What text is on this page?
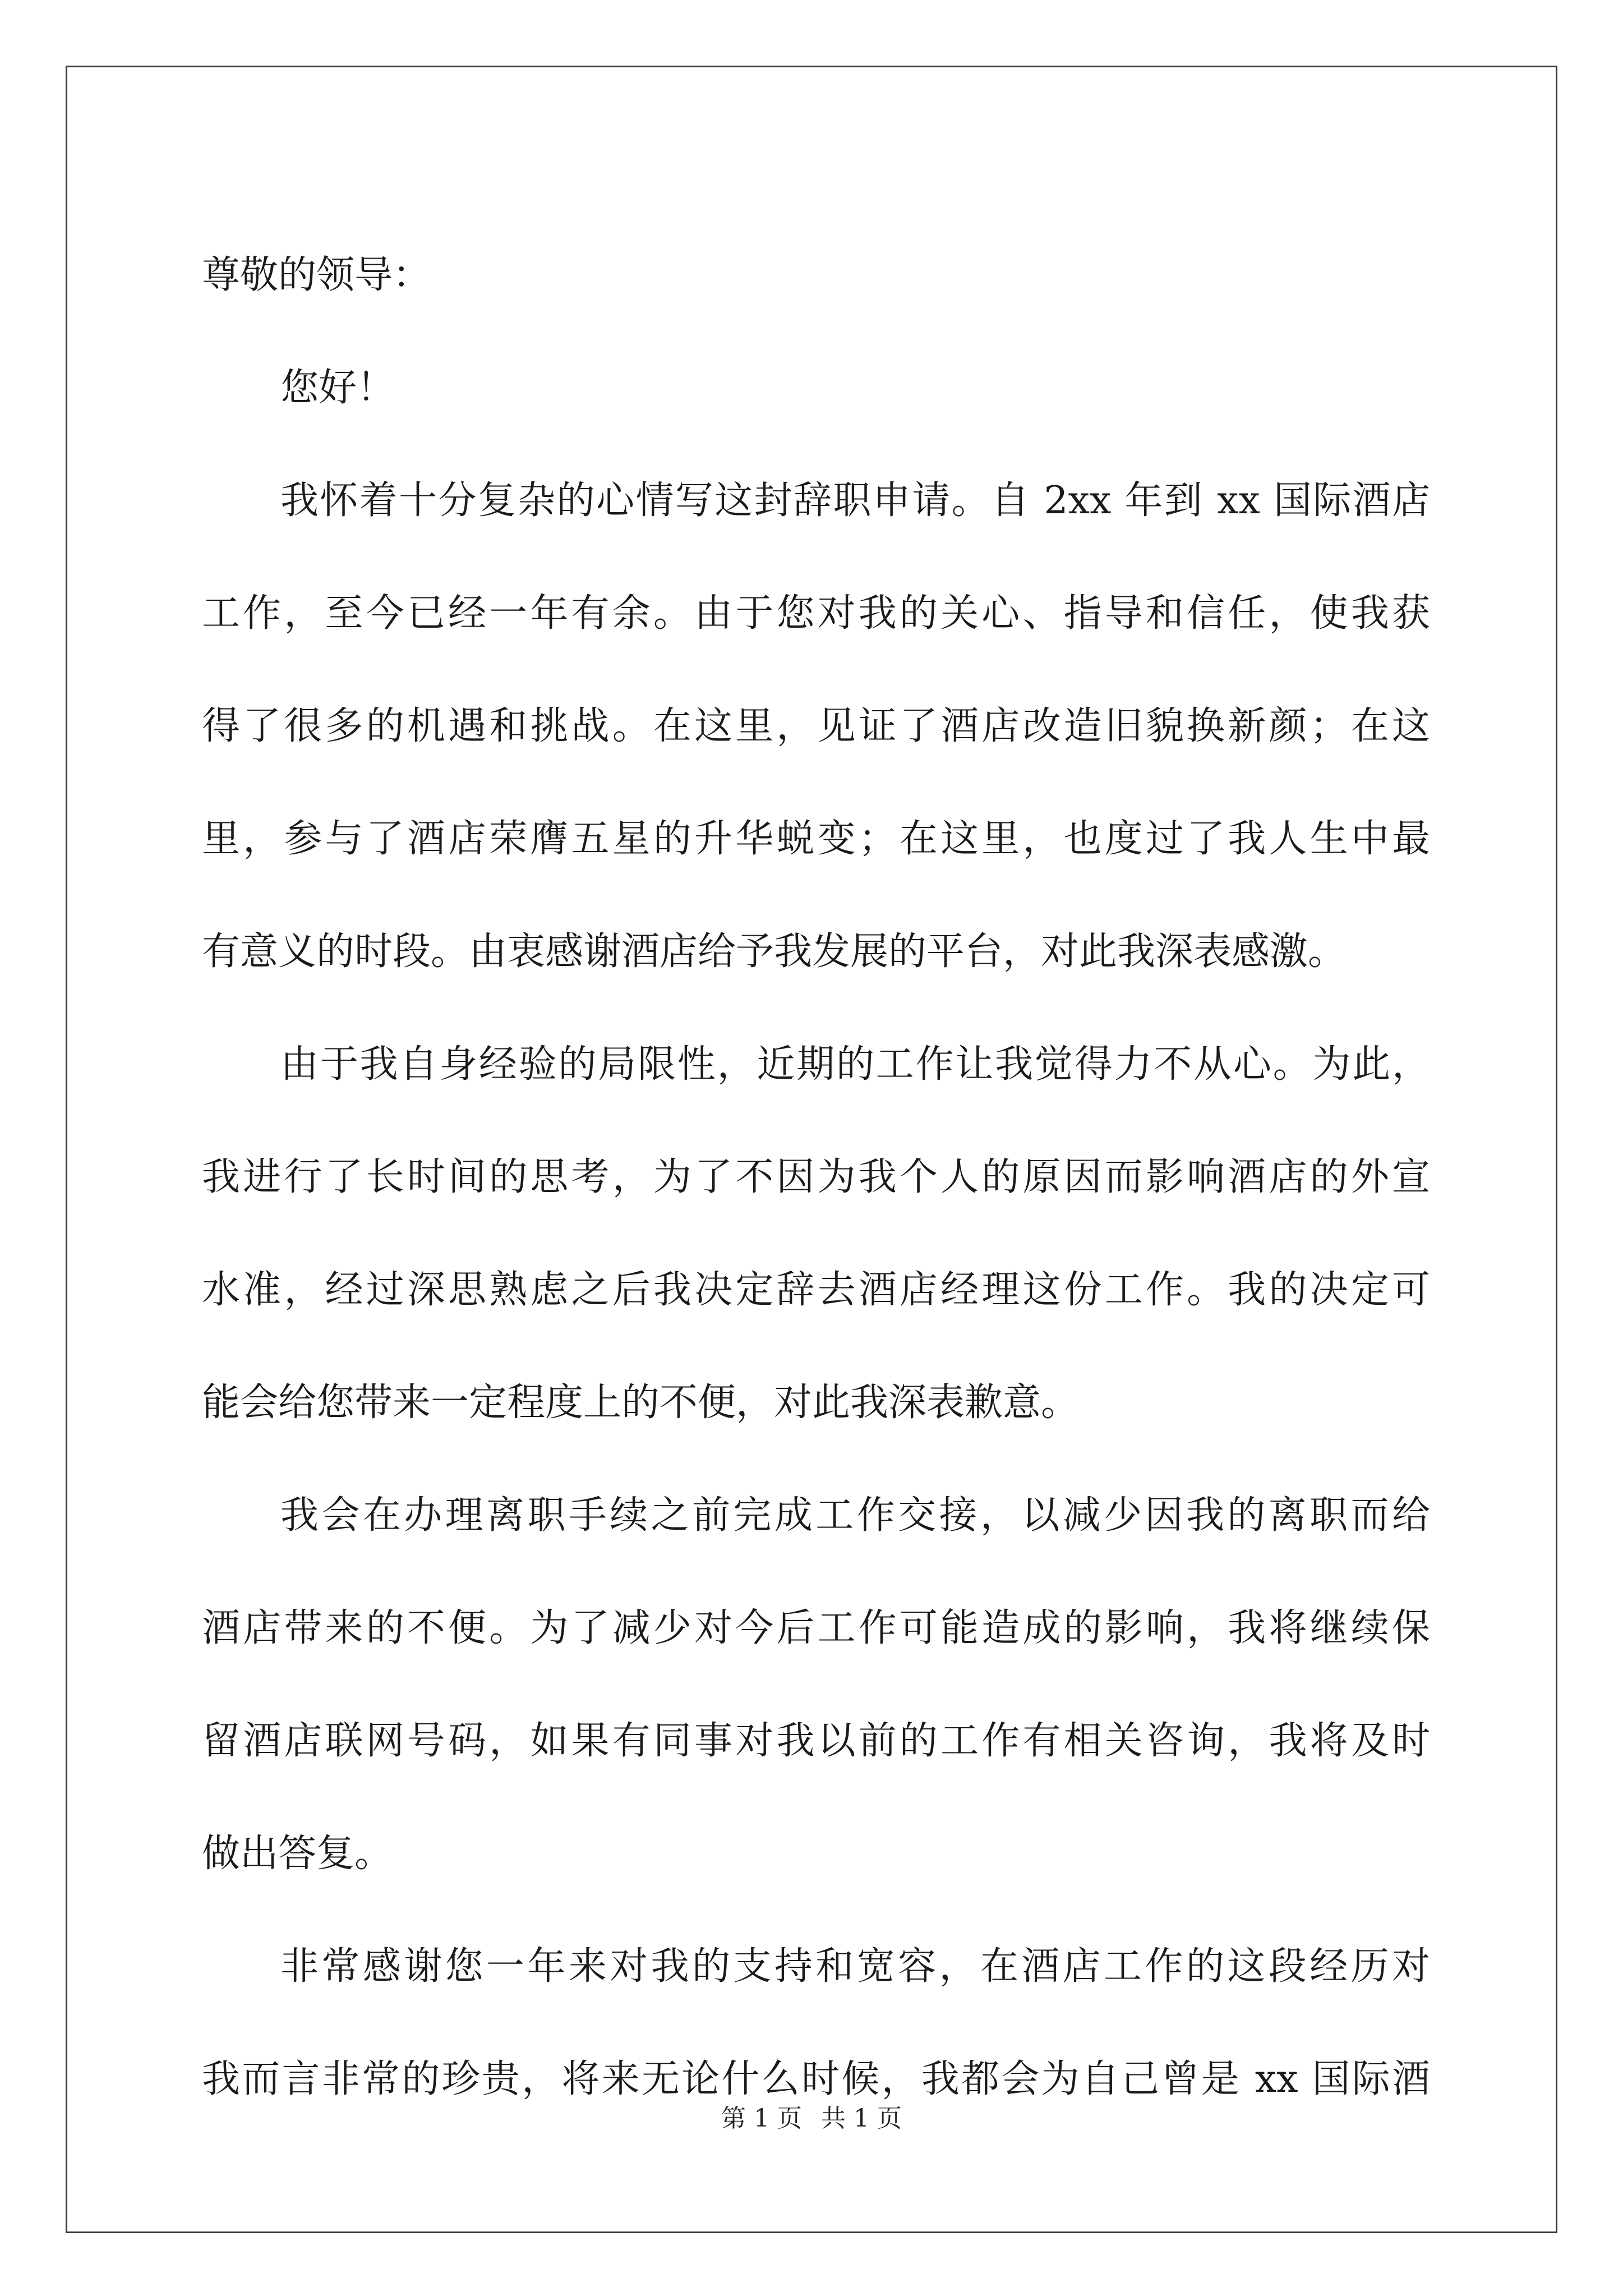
尊敬的领导：
您好！
我怀着十分复杂的心情写这封辞职申请。自 2xx 年到 xx 国际酒店
工作，至今已经一年有余。由于您对我的关心、指导和信任，使我获
得了很多的机遇和挑战。在这里，见证了酒店改造旧貌换新颜；在这
里，参与了酒店荣膺五星的升华蜕变；在这里，也度过了我人生中最
有意义的时段。由衷感谢酒店给予我发展的平台，对此我深表感激。
由于我自身经验的局限性，近期的工作让我觉得力不从心。为此，
我进行了长时间的思考，为了不因为我个人的原因而影响酒店的外宣
水准，经过深思熟虑之后我决定辞去酒店经理这份工作。我的决定可
能会给您带来一定程度上的不便，对此我深表歉意。
我会在办理离职手续之前完成工作交接，以减少因我的离职而给
酒店带来的不便。为了减少对今后工作可能造成的影响，我将继续保
留酒店联网号码，如果有同事对我以前的工作有相关咨询，我将及时
做出答复。
非常感谢您一年来对我的支持和宽容，在酒店工作的这段经历对
我而言非常的珍贵，将来无论什么时候，我都会为自己曾是 xx 国际酒
第 1 页 共 1 页
